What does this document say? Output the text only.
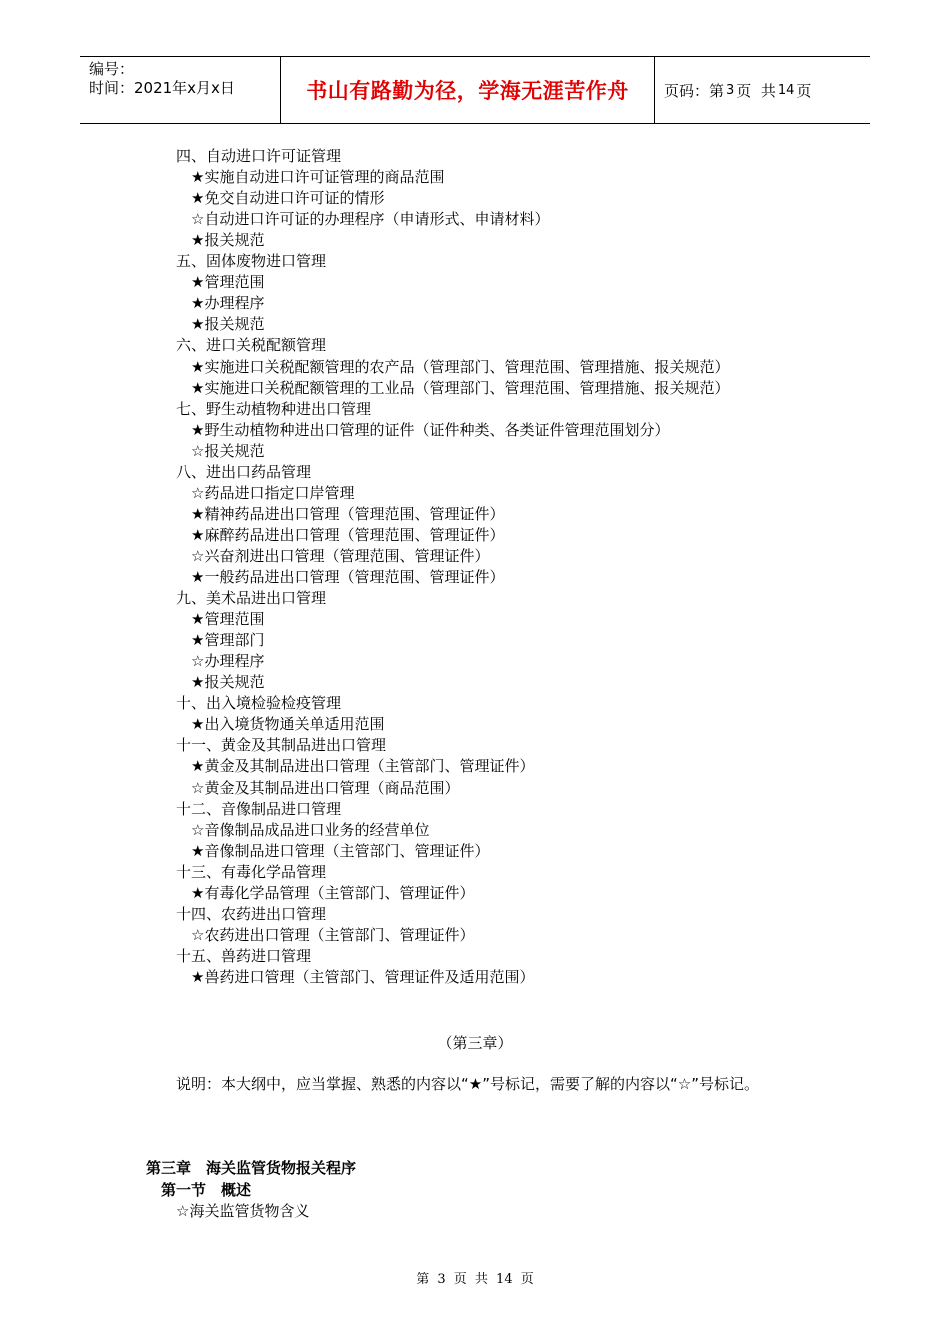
编号：
时间：2021年x月x日	书山有路勤为径，学海无涯苦作舟 页码：第 3 页  共 14 页
四、自动进口许可证管理
★实施自动进口许可证管理的商品范围
★免交自动进口许可证的情形
☆自动进口许可证的办理程序（申请形式、申请材料）
★报关规范
五、固体废物进口管理
★管理范围
★办理程序
★报关规范
六、进口关税配额管理
★实施进口关税配额管理的农产品（管理部门、管理范围、管理措施、报关规范）
★实施进口关税配额管理的工业品（管理部门、管理范围、管理措施、报关规范）
七、野生动植物种进出口管理
★野生动植物种进出口管理的证件（证件种类、各类证件管理范围划分）
☆报关规范
八、进出口药品管理
☆药品进口指定口岸管理
★精神药品进出口管理（管理范围、管理证件）
★麻醉药品进出口管理（管理范围、管理证件）
☆兴奋剂进出口管理（管理范围、管理证件）
★一般药品进出口管理（管理范围、管理证件）
九、美术品进出口管理
★管理范围
★管理部门
☆办理程序
★报关规范
十、出入境检验检疫管理
★出入境货物通关单适用范围
十一、黄金及其制品进出口管理
★黄金及其制品进出口管理（主管部门、管理证件）
☆黄金及其制品进出口管理（商品范围）
十二、音像制品进口管理
☆音像制品成品进口业务的经营单位
★音像制品进口管理（主管部门、管理证件）
十三、有毒化学品管理
★有毒化学品管理（主管部门、管理证件）
十四、农药进出口管理
☆农药进出口管理（主管部门、管理证件）
十五、兽药进口管理
★兽药进口管理（主管部门、管理证件及适用范围）
（第三章）
说明：本大纲中，应当掌握、熟悉的内容以“★”号标记，需要了解的内容以“☆”号标记。
第三章　海关监管货物报关程序
第一节　概述
☆海关监管货物含义
第 3 页 共 14 页
